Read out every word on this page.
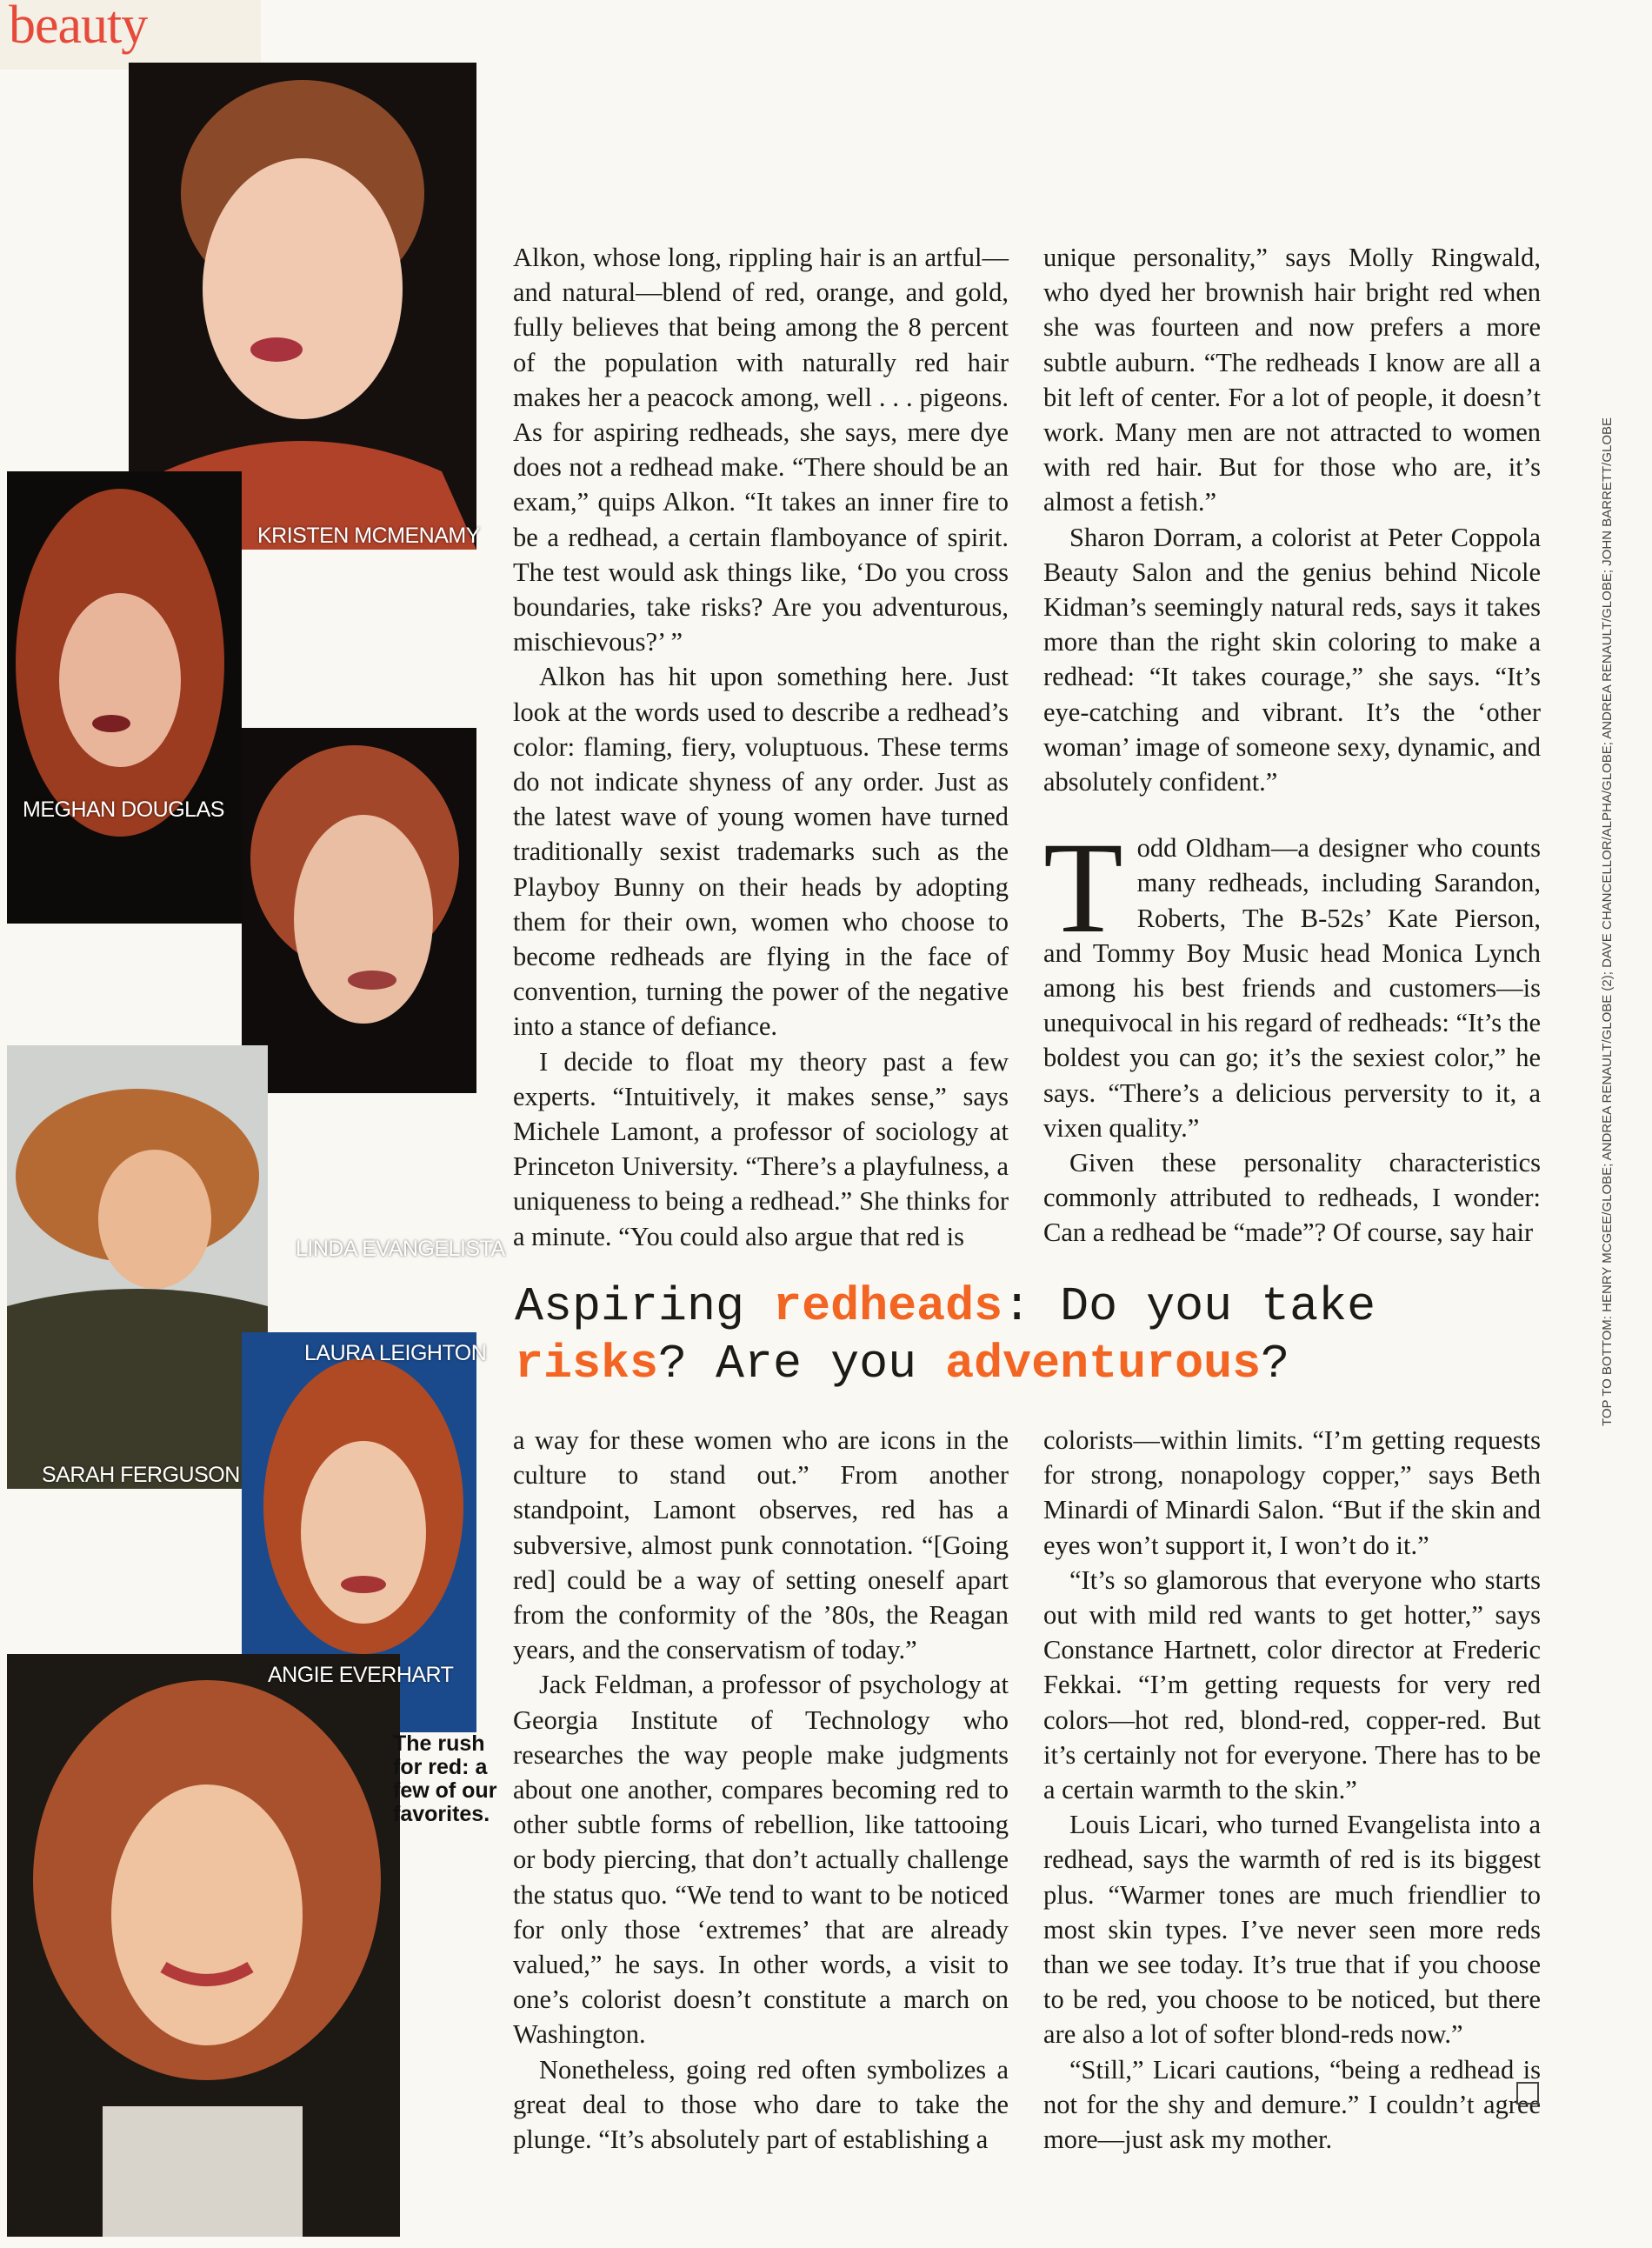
beauty
KRISTEN MCMENAMY
MEGHAN DOUGLAS
LINDA EVANGELISTA
SARAH FERGUSON
LAURA LEIGHTON
ANGIE EVERHART
The rush for red: a few of our favorites.

Alkon, whose long, rippling hair is an artful—and natural—blend of red, orange, and gold, fully believes that being among the 8 percent of the population with naturally red hair makes her a peacock among, well . . . pigeons. As for aspiring redheads, she says, mere dye does not a redhead make. “There should be an exam,” quips Alkon. “It takes an inner fire to be a redhead, a certain flamboyance of spirit. The test would ask things like, ‘Do you cross boundaries, take risks? Are you adventurous, mischievous?’ ”

Alkon has hit upon something here. Just look at the words used to describe a redhead’s color: flaming, fiery, voluptuous. These terms do not indicate shyness of any order. Just as the latest wave of young women have turned traditionally sexist trademarks such as the Playboy Bunny on their heads by adopting them for their own, women who choose to become redheads are flying in the face of convention, turning the power of the negative into a stance of defiance.

I decide to float my theory past a few experts. “Intuitively, it makes sense,” says Michele Lamont, a professor of sociology at Princeton University. “There’s a playfulness, a uniqueness to being a redhead.” She thinks for a minute. “You could also argue that red is

unique personality,” says Molly Ringwald, who dyed her brownish hair bright red when she was fourteen and now prefers a more subtle auburn. “The redheads I know are all a bit left of center. For a lot of people, it doesn’t work. Many men are not attracted to women with red hair. But for those who are, it’s almost a fetish.”

Sharon Dorram, a colorist at Peter Coppola Beauty Salon and the genius behind Nicole Kidman’s seemingly natural reds, says it takes more than the right skin coloring to make a redhead: “It takes courage,” she says. “It’s eye-catching and vibrant. It’s the ‘other woman’ image of someone sexy, dynamic, and absolutely confident.”

Todd Oldham—a designer who counts many redheads, including Sarandon, Roberts, The B-52s’ Kate Pierson, and Tommy Boy Music head Monica Lynch among his best friends and customers—is unequivocal in his regard of redheads: “It’s the boldest you can go; it’s the sexiest color,” he says. “There’s a delicious perversity to it, a vixen quality.”

Given these personality characteristics commonly attributed to redheads, I wonder: Can a redhead be “made”? Of course, say hair

Aspiring redheads: Do you take risks? Are you adventurous?

a way for these women who are icons in the culture to stand out.” From another standpoint, Lamont observes, red has a subversive, almost punk connotation. “[Going red] could be a way of setting oneself apart from the conformity of the ’80s, the Reagan years, and the conservatism of today.”

Jack Feldman, a professor of psychology at Georgia Institute of Technology who researches the way people make judgments about one another, compares becoming red to other subtle forms of rebellion, like tattooing or body piercing, that don’t actually challenge the status quo. “We tend to want to be noticed for only those ‘extremes’ that are already valued,” he says. In other words, a visit to one’s colorist doesn’t constitute a march on Washington.

Nonetheless, going red often symbolizes a great deal to those who dare to take the plunge. “It’s absolutely part of establishing a

colorists—within limits. “I’m getting requests for strong, nonapology copper,” says Beth Minardi of Minardi Salon. “But if the skin and eyes won’t support it, I won’t do it.”

“It’s so glamorous that everyone who starts out with mild red wants to get hotter,” says Constance Hartnett, color director at Frederic Fekkai. “I’m getting requests for very red colors—hot red, blond-red, copper-red. But it’s certainly not for everyone. There has to be a certain warmth to the skin.”

Louis Licari, who turned Evangelista into a redhead, says the warmth of red is its biggest plus. “Warmer tones are much friendlier to most skin types. I’ve never seen more reds than we see today. It’s true that if you choose to be red, you choose to be noticed, but there are also a lot of softer blond-reds now.”

“Still,” Licari cautions, “being a redhead is not for the shy and demure.” I couldn’t agree more—just ask my mother.

TOP TO BOTTOM: HENRY MCGEE/GLOBE; ANDREA RENAULT/GLOBE (2); DAVE CHANCELLOR/ALPHA/GLOBE; ANDREA RENAULT/GLOBE; JOHN BARRETT/GLOBE
